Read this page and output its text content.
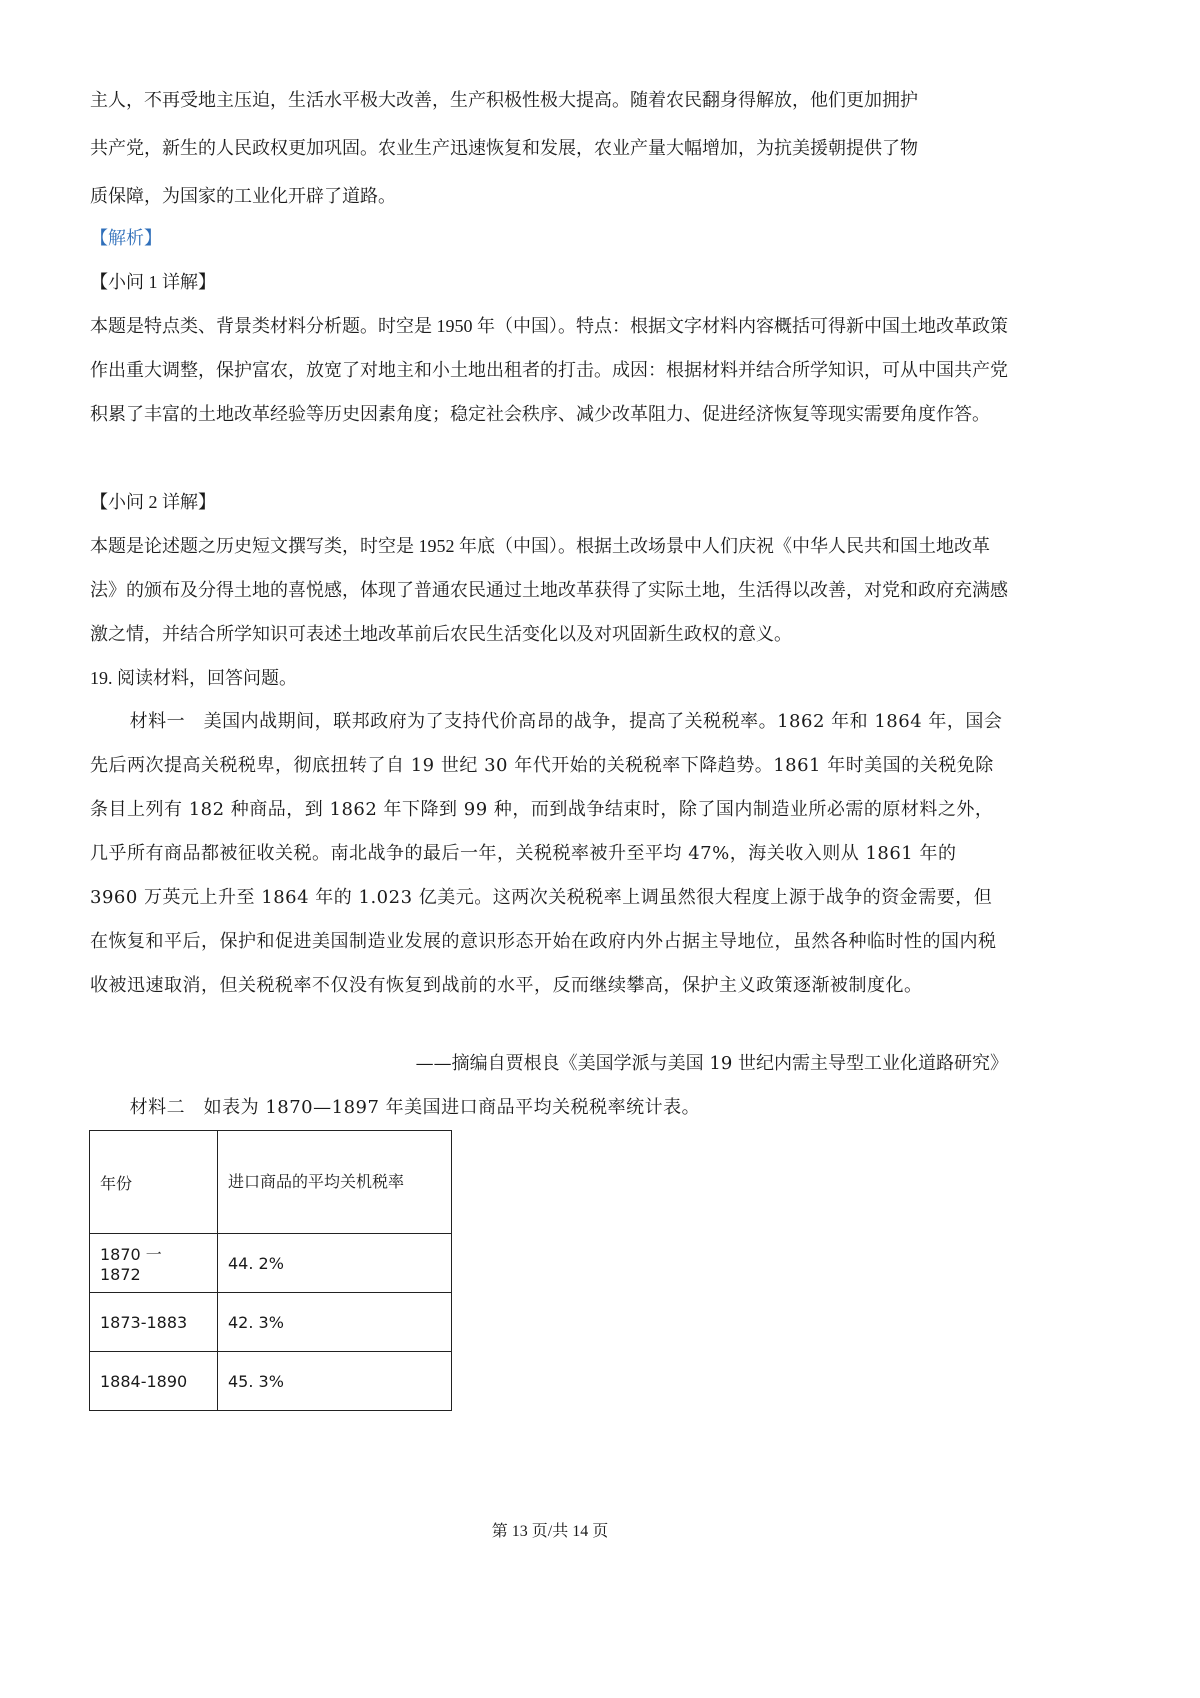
主人，不再受地主压迫，生活水平极大改善，生产积极性极大提高。随着农民翻身得解放，他们更加拥护

共产党，新生的人民政权更加巩固。农业生产迅速恢复和发展，农业产量大幅增加，为抗美援朝提供了物

质保障，为国家的工业化开辟了道路。

【解析】

【小问 1 详解】

本题是特点类、背景类材料分析题。时空是 1950 年（中国）。特点：根据文字材料内容概括可得新中国土地改革政策作出重大调整，保护富农，放宽了对地主和小土地出租者的打击。成因：根据材料并结合所学知识，可从中国共产党积累了丰富的土地改革经验等历史因素角度；稳定社会秩序、减少改革阻力、促进经济恢复等现实需要角度作答。

【小问 2 详解】

本题是论述题之历史短文撰写类，时空是 1952 年底（中国）。根据土改场景中人们庆祝《中华人民共和国土地改革法》的颁布及分得土地的喜悦感，体现了普通农民通过土地改革获得了实际土地，生活得以改善，对党和政府充满感激之情，并结合所学知识可表述土地改革前后农民生活变化以及对巩固新生政权的意义。

19. 阅读材料，回答问题。

材料一　美国内战期间，联邦政府为了支持代价高昂的战争，提高了关税税率。1862 年和 1864 年，国会先后两次提高关税税卑，彻底扭转了自 19 世纪 30 年代开始的关税税率下降趋势。1861 年时美国的关税免除条目上列有 182 种商品，到 1862 年下降到 99 种，而到战争结束时，除了国内制造业所必需的原材料之外，几乎所有商品都被征收关税。南北战争的最后一年，关税税率被升至平均 47%，海关收入则从 1861 年的 3960 万英元上升至 1864 年的 1.023 亿美元。这两次关税税率上调虽然很大程度上源于战争的资金需要，但在恢复和平后，保护和促进美国制造业发展的意识形态开始在政府内外占据主导地位，虽然各种临时性的国内税收被迅速取消，但关税税率不仅没有恢复到战前的水平，反而继续攀高，保护主义政策逐渐被制度化。

——摘编自贾根良《美国学派与美国 19 世纪内需主导型工业化道路研究》

材料二　如表为 1870—1897 年美国进口商品平均关税税率统计表。

年份	进口商品的平均关机税率
1870 一 1872	44. 2%
1873-1883	42. 3%
1884-1890	45. 3%
第 13 页/共 14 页
